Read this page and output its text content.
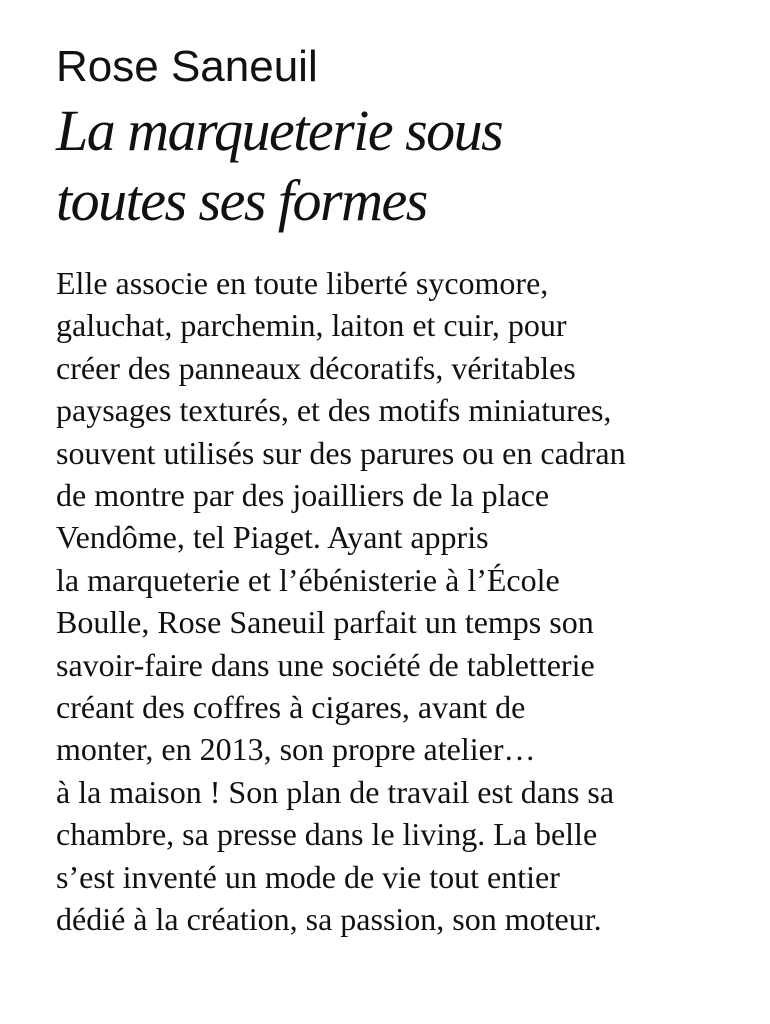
Rose Saneuil
La marqueterie sous
toutes ses formes
Elle associe en toute liberté sycomore,
galuchat, parchemin, laiton et cuir, pour
créer des panneaux décoratifs, véritables
paysages texturés, et des motifs miniatures,
souvent utilisés sur des parures ou en cadran
de montre par des joailliers de la place
Vendôme, tel Piaget. Ayant appris
la marqueterie et l’ébénisterie à l’École
Boulle, Rose Saneuil parfait un temps son
savoir-faire dans une société de tabletterie
créant des coffres à cigares, avant de
monter, en 2013, son propre atelier…
à la maison ! Son plan de travail est dans sa
chambre, sa presse dans le living. La belle
s’est inventé un mode de vie tout entier
dédié à la création, sa passion, son moteur.
